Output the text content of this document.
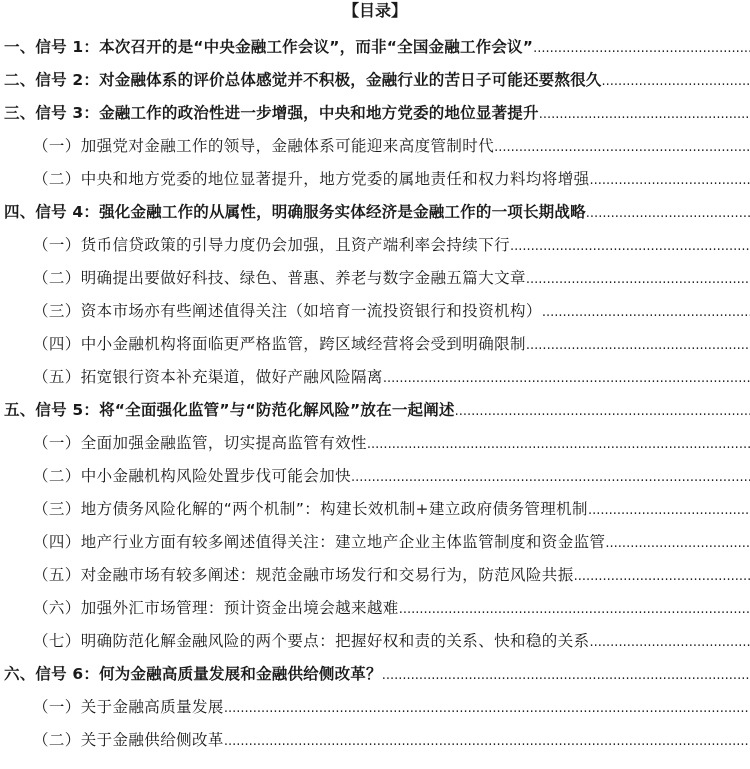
【目录】
一、信号 1：本次召开的是“中央金融工作会议”，而非“全国金融工作会议”
.....
二、信号 2：对金融体系的评价总体感觉并不积极，金融行业的苦日子可能还要熬很久
.....
三、信号 3：金融工作的政治性进一步增强，中央和地方党委的地位显著提升
.....
（一）加强党对金融工作的领导，金融体系可能迎来高度管制时代
.....
（二）中央和地方党委的地位显著提升，地方党委的属地责任和权力料均将增强
.....
四、信号 4：强化金融工作的从属性，明确服务实体经济是金融工作的一项长期战略
.....
（一）货币信贷政策的引导力度仍会加强，且资产端利率会持续下行
.....
（二）明确提出要做好科技、绿色、普惠、养老与数字金融五篇大文章
.....
（三）资本市场亦有些阐述值得关注（如培育一流投资银行和投资机构）
.....
（四）中小金融机构将面临更严格监管，跨区域经营将会受到明确限制
.....
（五）拓宽银行资本补充渠道，做好产融风险隔离
.....
五、信号 5：将“全面强化监管”与“防范化解风险”放在一起阐述
.....
（一）全面加强金融监管，切实提高监管有效性
.....
（二）中小金融机构风险处置步伐可能会加快
.....
（三）地方债务风险化解的“两个机制”：构建长效机制+建立政府债务管理机制
.....
（四）地产行业方面有较多阐述值得关注：建立地产企业主体监管制度和资金监管
.....
（五）对金融市场有较多阐述：规范金融市场发行和交易行为，防范风险共振
.....
（六）加强外汇市场管理：预计资金出境会越来越难
.....
（七）明确防范化解金融风险的两个要点：把握好权和责的关系、快和稳的关系
.....
六、信号 6：何为金融高质量发展和金融供给侧改革？
.....
（一）关于金融高质量发展
.....
（二）关于金融供给侧改革
.....
